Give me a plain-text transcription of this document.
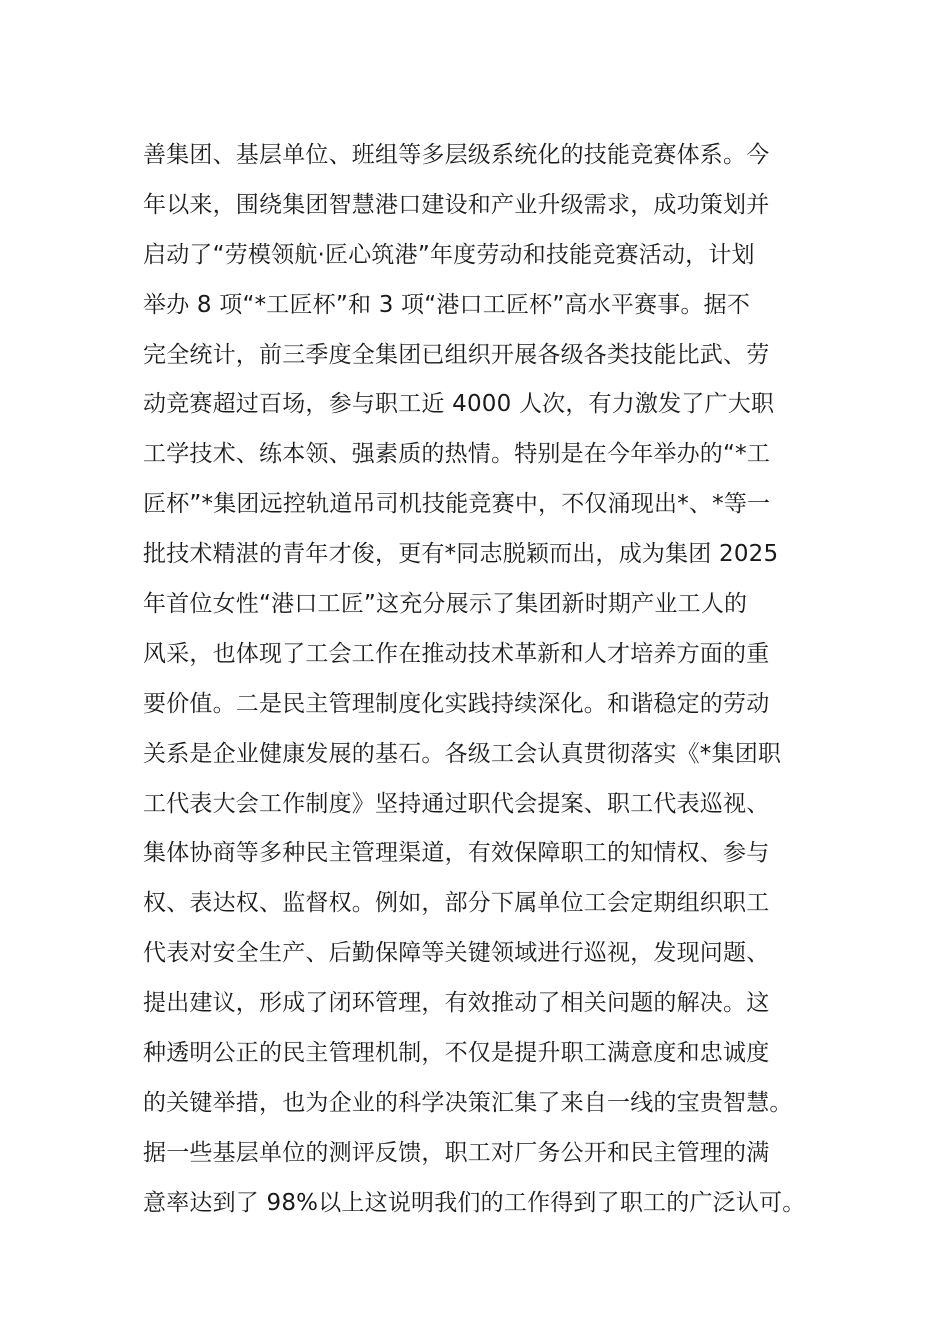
善集团、基层单位、班组等多层级系统化的技能竞赛体系。今
年以来，围绕集团智慧港口建设和产业升级需求，成功策划并
启动了“劳模领航·匠心筑港”年度劳动和技能竞赛活动，计划
举办 8 项“*工匠杯”和 3 项“港口工匠杯”高水平赛事。据不
完全统计，前三季度全集团已组织开展各级各类技能比武、劳
动竞赛超过百场，参与职工近 4000 人次，有力激发了广大职
工学技术、练本领、强素质的热情。特别是在今年举办的“*工
匠杯”*集团远控轨道吊司机技能竞赛中，不仅涌现出*、*等一
批技术精湛的青年才俊，更有*同志脱颖而出，成为集团 2025
年首位女性“港口工匠”这充分展示了集团新时期产业工人的
风采，也体现了工会工作在推动技术革新和人才培养方面的重
要价值。二是民主管理制度化实践持续深化。和谐稳定的劳动
关系是企业健康发展的基石。各级工会认真贯彻落实《*集团职
工代表大会工作制度》坚持通过职代会提案、职工代表巡视、
集体协商等多种民主管理渠道，有效保障职工的知情权、参与
权、表达权、监督权。例如，部分下属单位工会定期组织职工
代表对安全生产、后勤保障等关键领域进行巡视，发现问题、
提出建议，形成了闭环管理，有效推动了相关问题的解决。这
种透明公正的民主管理机制，不仅是提升职工满意度和忠诚度
的关键举措，也为企业的科学决策汇集了来自一线的宝贵智慧。
据一些基层单位的测评反馈，职工对厂务公开和民主管理的满
意率达到了 98%以上这说明我们的工作得到了职工的广泛认可。
